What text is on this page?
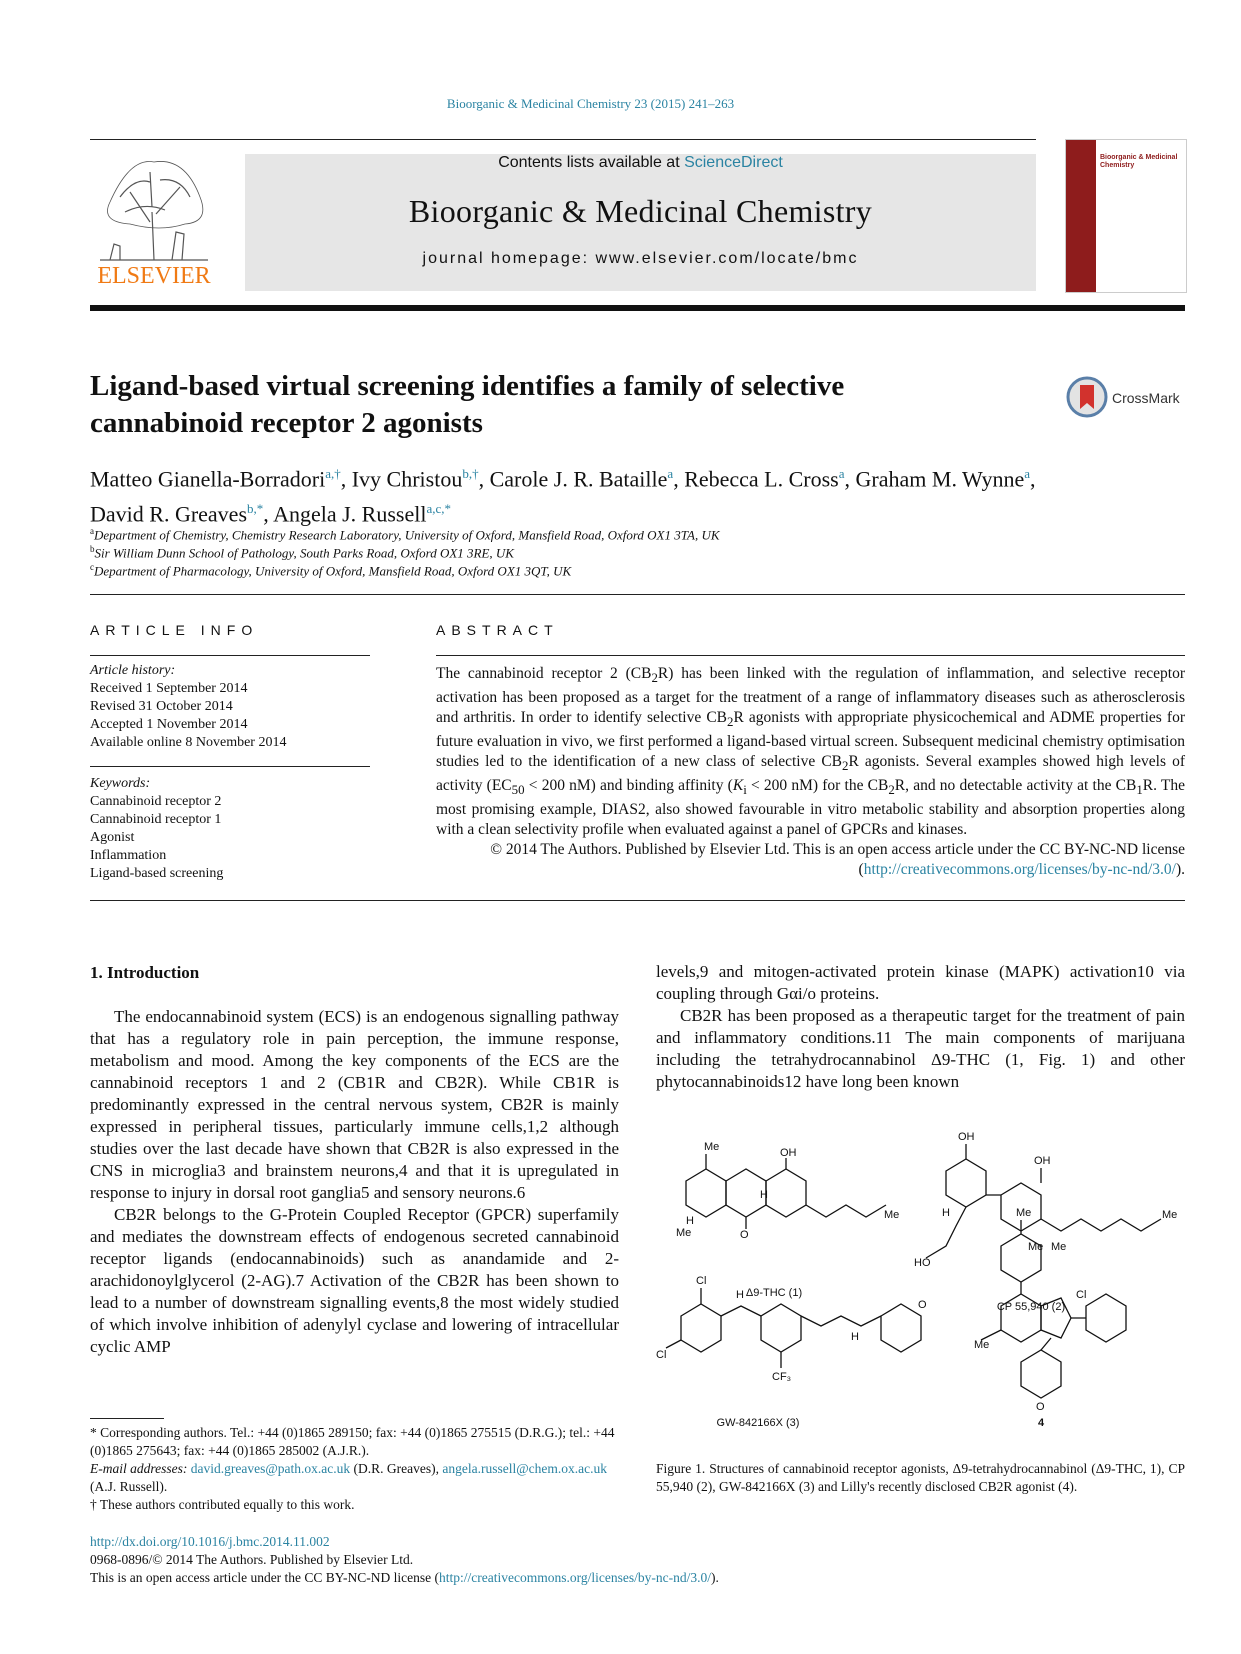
Bioorganic & Medicinal Chemistry 23 (2015) 241–263
ELSEVIER
Contents lists available at ScienceDirect
Bioorganic & Medicinal Chemistry
journal homepage: www.elsevier.com/locate/bmc
Bioorganic & Medicinal Chemistry
Ligand-based virtual screening identifies a family of selective
cannabinoid receptor 2 agonists
CrossMark
Matteo Gianella-Borradori$^{a,\dagger}$, Ivy Christou$^{b,\dagger}$, Carole J. R. Bataille$^a$, Rebecca L. Cross$^a$, Graham M. Wynne$^a$,
David R. Greaves$^{b,*}$, Angela J. Russell$^{a,c,*}$
$^a$Department of Chemistry, Chemistry Research Laboratory, University of Oxford, Mansfield Road, Oxford OX1 3TA, UK
$^b$Sir William Dunn School of Pathology, South Parks Road, Oxford OX1 3RE, UK
$^c$Department of Pharmacology, University of Oxford, Mansfield Road, Oxford OX1 3QT, UK
ARTICLE INFO
Article history:
Received 1 September 2014
Revised 31 October 2014
Accepted 1 November 2014
Available online 8 November 2014
Keywords:
Cannabinoid receptor 2
Cannabinoid receptor 1
Agonist
Inflammation
Ligand-based screening
ABSTRACT
The cannabinoid receptor 2 $(CB_2R)$ has been linked with the regulation of inflammation, and selective receptor activation has been proposed as a target for the treatment of a range of inflammatory diseases such as atherosclerosis and arthritis. In order to identify selective $CB_2R$ agonists with appropriate physicochemical and ADME properties for future evaluation in vivo, we first performed a ligand-based virtual screen. Subsequent medicinal chemistry optimisation studies led to the identification of a new class of selective $CB_2R$ agonists. Several examples showed high levels of activity ($EC_{50} < 200$ nM) and binding affinity ($K_i < 200$ nM) for the $CB_2R$, and no detectable activity at the $CB_1R$. The most promising example, DIAS2, also showed favourable in vitro metabolic stability and absorption properties along with a clean selectivity profile when evaluated against a panel of GPCRs and kinases.
© 2014 The Authors. Published by Elsevier Ltd. This is an open access article under the CC BY-NC-ND license (http://creativecommons.org/licenses/by-nc-nd/3.0/).
1. Introduction

The endocannabinoid system (ECS) is an endogenous signalling pathway that has a regulatory role in pain perception, the immune response, metabolism and mood. Among the key components of the ECS are the cannabinoid receptors 1 and 2 (CB1R and CB2R). While CB1R is predominantly expressed in the central nervous system, CB2R is mainly expressed in peripheral tissues, particularly immune cells,1,2 although studies over the last decade have shown that CB2R is also expressed in the CNS in microglia3 and brainstem neurons,4 and that it is upregulated in response to injury in dorsal root ganglia5 and sensory neurons.6

CB2R belongs to the G-Protein Coupled Receptor (GPCR) superfamily and mediates the downstream effects of endogenous secreted cannabinoid receptor ligands (endocannabinoids) such as anandamide and 2-arachidonoylglycerol (2-AG).7 Activation of the CB2R has been shown to lead to a number of downstream signalling events,8 the most widely studied of which involve inhibition of adenylyl cyclase and lowering of intracellular cyclic AMP

levels,9 and mitogen-activated protein kinase (MAPK) activation10 via coupling through Gαi/o proteins.

CB2R has been proposed as a therapeutic target for the treatment of pain and inflammatory conditions.11 The main components of marijuana including the tetrahydrocannabinol Δ9-THC (1, Fig. 1) and other phytocannabinoids12 have long been known

Me
H
OH
H
Me	O
Me
OH
OH
H
HO
Me Me
Me
Cl
Cl
H
CF₃
H
O
Me
Cl
Me
O
Δ9-THC (1)
CP 55,940 (2)
GW-842166X (3)	4
Figure 1. Structures of cannabinoid receptor agonists, Δ9-tetrahydrocannabinol (Δ9-THC, 1), CP 55,940 (2), GW-842166X (3) and Lilly's recently disclosed CB2R agonist (4).
* Corresponding authors. Tel.: +44 (0)1865 289150; fax: +44 (0)1865 275515 (D.R.G.); tel.: +44 (0)1865 275643; fax: +44 (0)1865 285002 (A.J.R.).
E-mail addresses: david.greaves@path.ox.ac.uk (D.R. Greaves), angela.russell@chem.ox.ac.uk (A.J. Russell).
† These authors contributed equally to this work.
http://dx.doi.org/10.1016/j.bmc.2014.11.002
0968-0896/© 2014 The Authors. Published by Elsevier Ltd.
This is an open access article under the CC BY-NC-ND license (http://creativecommons.org/licenses/by-nc-nd/3.0/).
